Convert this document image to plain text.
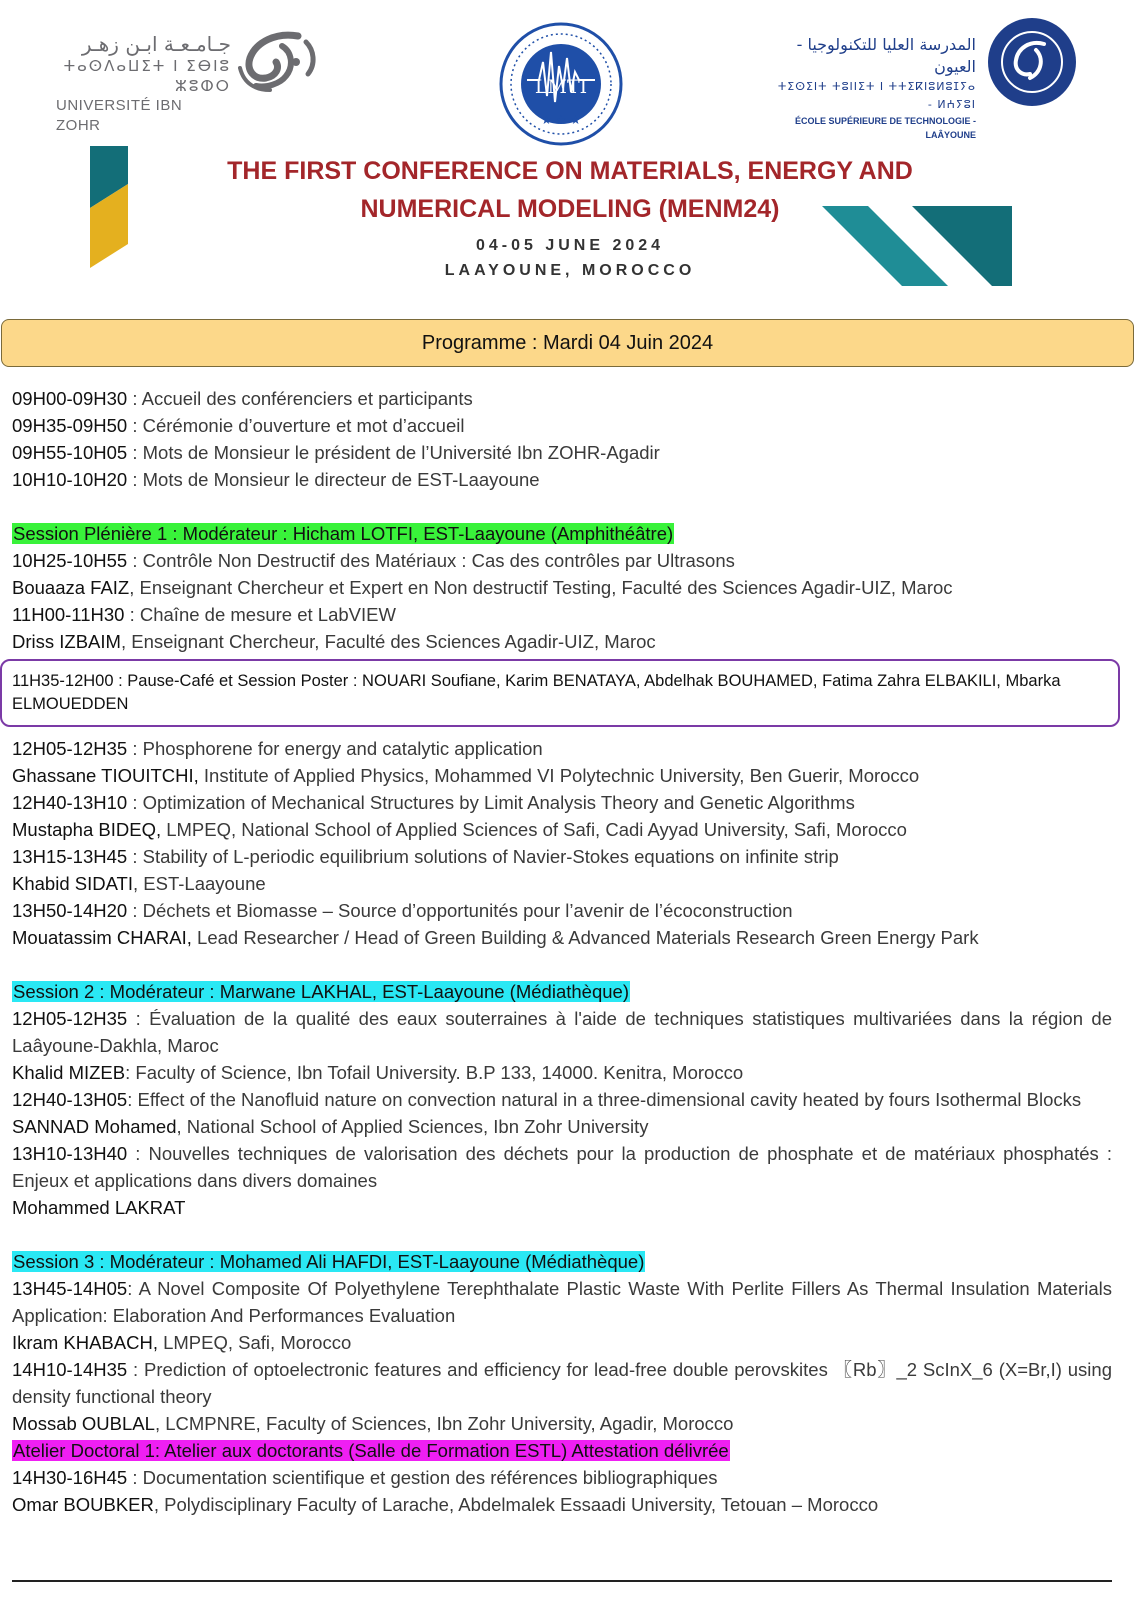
جـامـعـة ابـن زهـر
ⵜⴰⵙⴷⴰⵡⵉⵜ ⵏ ⵉⴱⵏⵓ ⵣⵓⵀⵔ
UNIVERSITÉ IBN ZOHR	★ ★ ★
LMTI
المدرسة العليا للتكنولوجيا - العيون
ⵜⵉⵙⵉⵏⵜ ⵜⵓⵏⵏⵉⵜ ⵏ ⵜⵜⵉⴽⵏⵓⵍⵓⵊⵢⴰ - ⵍⵄⵢⵓⵏ
ÉCOLE SUPÉRIEURE DE TECHNOLOGIE - LAÂYOUNE
THE FIRST CONFERENCE ON MATERIALS, ENERGY AND
NUMERICAL MODELING (MENM24)
04-05 JUNE 2024
LAAYOUNE, MOROCCO
Programme : Mardi 04 Juin 2024
09H00-09H30 : Accueil des conférenciers et participants
09H35-09H50 : Cérémonie d’ouverture et mot d’accueil
09H55-10H05 : Mots de Monsieur le président de l’Université Ibn ZOHR-Agadir
10H10-10H20 : Mots de Monsieur le directeur de EST-Laayoune
Session Plénière 1 : Modérateur : Hicham LOTFI, EST-Laayoune (Amphithéâtre)
10H25-10H55 : Contrôle Non Destructif des Matériaux : Cas des contrôles par Ultrasons
Bouaaza FAIZ, Enseignant Chercheur et Expert en Non destructif Testing, Faculté des Sciences Agadir-UIZ, Maroc
11H00-11H30 : Chaîne de mesure et LabVIEW
Driss IZBAIM, Enseignant Chercheur, Faculté des Sciences Agadir-UIZ, Maroc
11H35-12H00 : Pause-Café et Session Poster : NOUARI Soufiane, Karim BENATAYA, Abdelhak BOUHAMED, Fatima Zahra ELBAKILI, Mbarka ELMOUEDDEN
12H05-12H35 : Phosphorene for energy and catalytic application
Ghassane TIOUITCHI, Institute of Applied Physics, Mohammed VI Polytechnic University, Ben Guerir, Morocco
12H40-13H10 : Optimization of Mechanical Structures by Limit Analysis Theory and Genetic Algorithms
Mustapha BIDEQ, LMPEQ, National School of Applied Sciences of Safi, Cadi Ayyad University, Safi, Morocco
13H15-13H45 : Stability of L-periodic equilibrium solutions of Navier-Stokes equations on infinite strip
Khabid SIDATI, EST-Laayoune
13H50-14H20 : Déchets et Biomasse – Source d’opportunités pour l’avenir de l’écoconstruction
Mouatassim CHARAI, Lead Researcher / Head of Green Building & Advanced Materials Research Green Energy Park
Session 2 : Modérateur : Marwane LAKHAL, EST-Laayoune (Médiathèque)
12H05-12H35 : Évaluation de la qualité des eaux souterraines à l'aide de techniques statistiques multivariées dans la région de Laâyoune-Dakhla, Maroc
Khalid MIZEB: Faculty of Science, Ibn Tofail University. B.P 133, 14000. Kenitra, Morocco
12H40-13H05: Effect of the Nanofluid nature on convection natural in a three-dimensional cavity heated by fours Isothermal Blocks
SANNAD Mohamed, National School of Applied Sciences, Ibn Zohr University
13H10-13H40 : Nouvelles techniques de valorisation des déchets pour la production de phosphate et de matériaux phosphatés : Enjeux et applications dans divers domaines
Mohammed LAKRAT
Session 3 : Modérateur : Mohamed Ali HAFDI, EST-Laayoune (Médiathèque)
13H45-14H05: A Novel Composite Of Polyethylene Terephthalate Plastic Waste With Perlite Fillers As Thermal Insulation Materials Application: Elaboration And Performances Evaluation
Ikram KHABACH, LMPEQ, Safi, Morocco
14H10-14H35 : Prediction of optoelectronic features and efficiency for lead-free double perovskites 〖Rb〗_2 ScInX_6 (X=Br,I) using density functional theory
Mossab OUBLAL, LCMPNRE, Faculty of Sciences, Ibn Zohr University, Agadir, Morocco
Atelier Doctoral 1: Atelier aux doctorants (Salle de Formation ESTL) Attestation délivrée
14H30-16H45 : Documentation scientifique et gestion des références bibliographiques
Omar BOUBKER, Polydisciplinary Faculty of Larache, Abdelmalek Essaadi University, Tetouan – Morocco
